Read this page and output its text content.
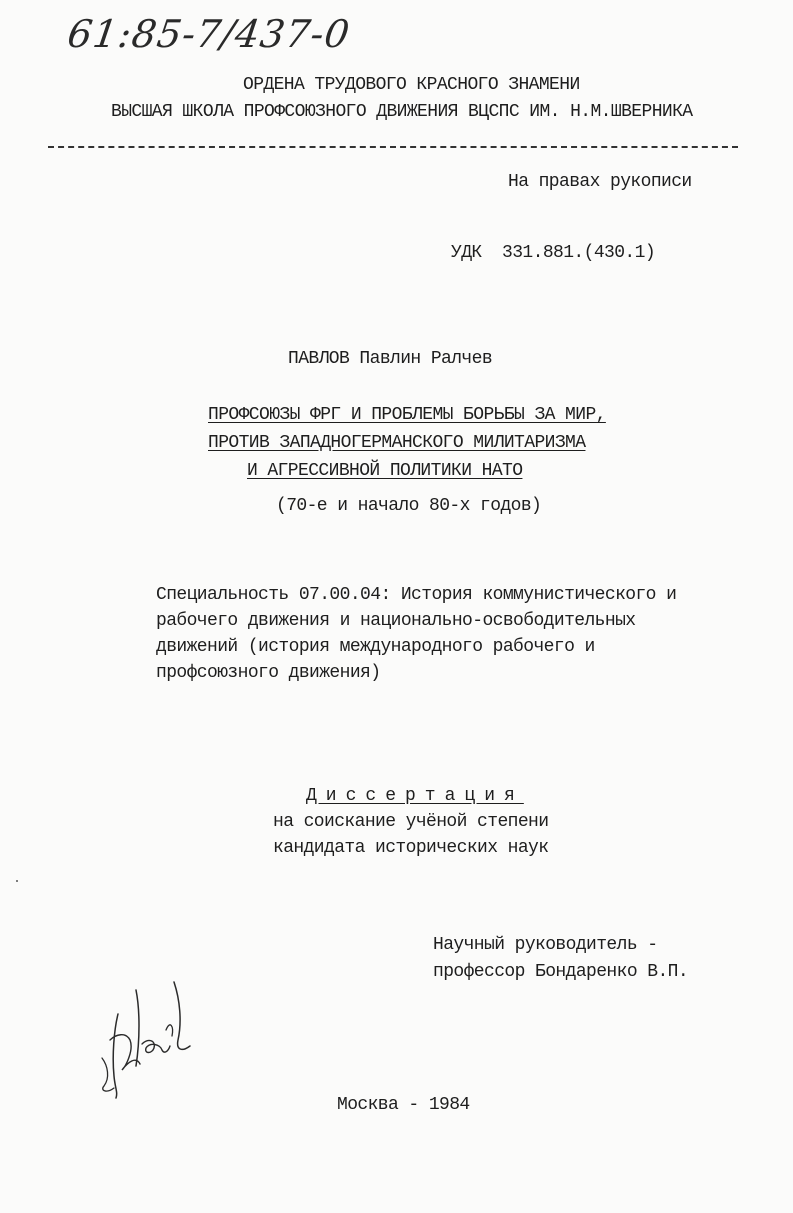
61:85-7/437-0
ОРДЕНА ТРУДОВОГО КРАСНОГО ЗНАМЕНИ
ВЫСШАЯ ШКОЛА ПРОФСОЮЗНОГО ДВИЖЕНИЯ ВЦСПС ИМ. Н.М.ШВЕРНИКА
На правах рукописи
УДК 331.881.(430.1)
ПАВЛОВ Павлин Ралчев
ПРОФСОЮЗЫ ФРГ И ПРОБЛЕМЫ БОРЬБЫ ЗА МИР,
ПРОТИВ ЗАПАДНОГЕРМАНСКОГО МИЛИТАРИЗМА
И АГРЕССИВНОЙ ПОЛИТИКИ НАТО
(70-е и начало 80-х годов)
Специальность 07.00.04: История коммунистического и
рабочего движения и национально-освободительных
движений (история международного рабочего и
профсоюзного движения)
Диссертация
на соискание учёной степени
кандидата исторических наук
Научный руководитель -
профессор Бондаренко В.П.
Москва - 1984
